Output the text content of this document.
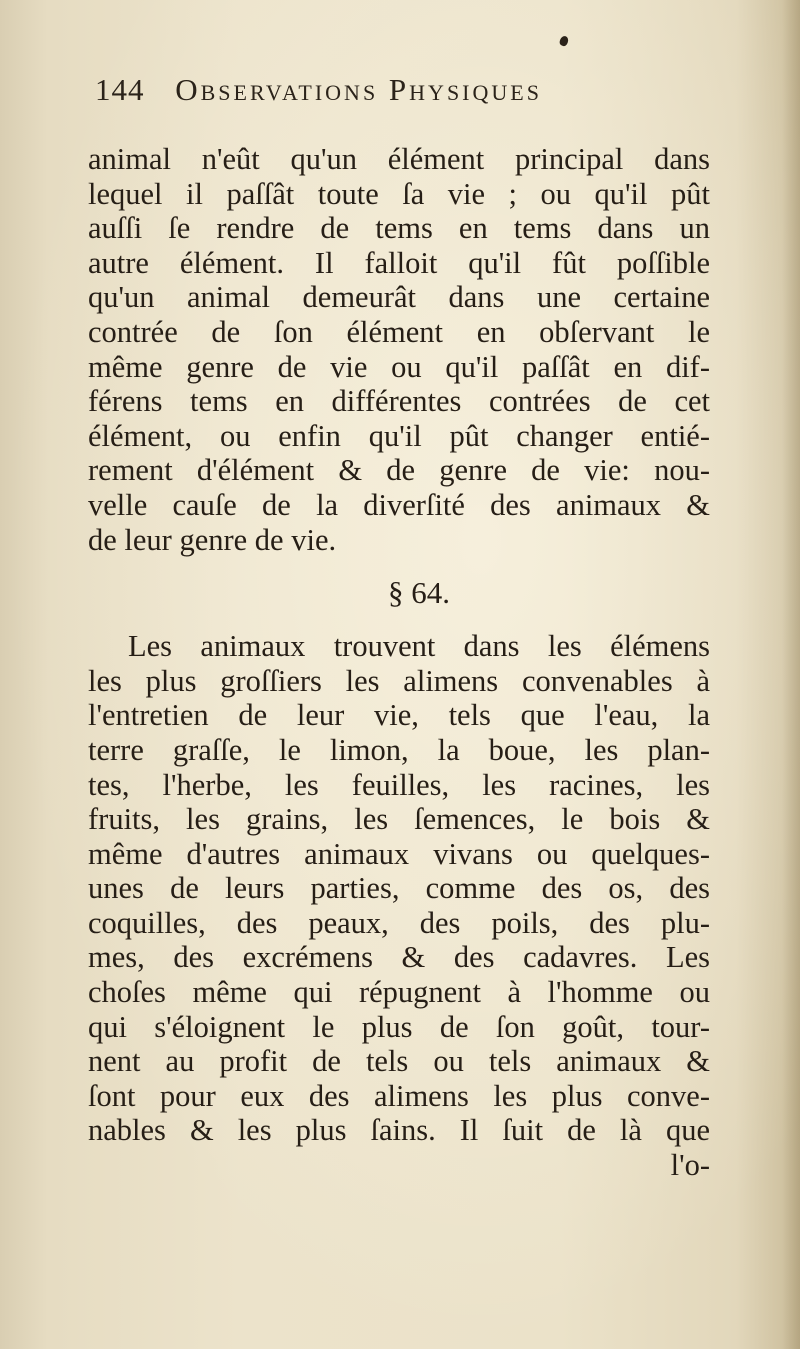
144 Observations Physiques
animal n'eût qu'un élément principal dans
lequel il paſſât toute ſa vie ; ou qu'il pût
auſſi ſe rendre de tems en tems dans un
autre élément. Il falloit qu'il fût poſſible
qu'un animal demeurât dans une certaine
contrée de ſon élément en obſervant le
même genre de vie ou qu'il paſſât en dif-
férens tems en différentes contrées de cet
élément, ou enfin qu'il pût changer entié-
rement d'élément & de genre de vie: nou-
velle cauſe de la diverſité des animaux &
de leur genre de vie.
§ 64.
Les animaux trouvent dans les élémens
les plus groſſiers les alimens convenables à
l'entretien de leur vie, tels que l'eau, la
terre graſſe, le limon, la boue, les plan-
tes, l'herbe, les feuilles, les racines, les
fruits, les grains, les ſemences, le bois &
même d'autres animaux vivans ou quelques-
unes de leurs parties, comme des os, des
coquilles, des peaux, des poils, des plu-
mes, des excrémens & des cadavres. Les
choſes même qui répugnent à l'homme ou
qui s'éloignent le plus de ſon goût, tour-
nent au profit de tels ou tels animaux &
ſont pour eux des alimens les plus conve-
nables & les plus ſains. Il ſuit de là que
l'o-
